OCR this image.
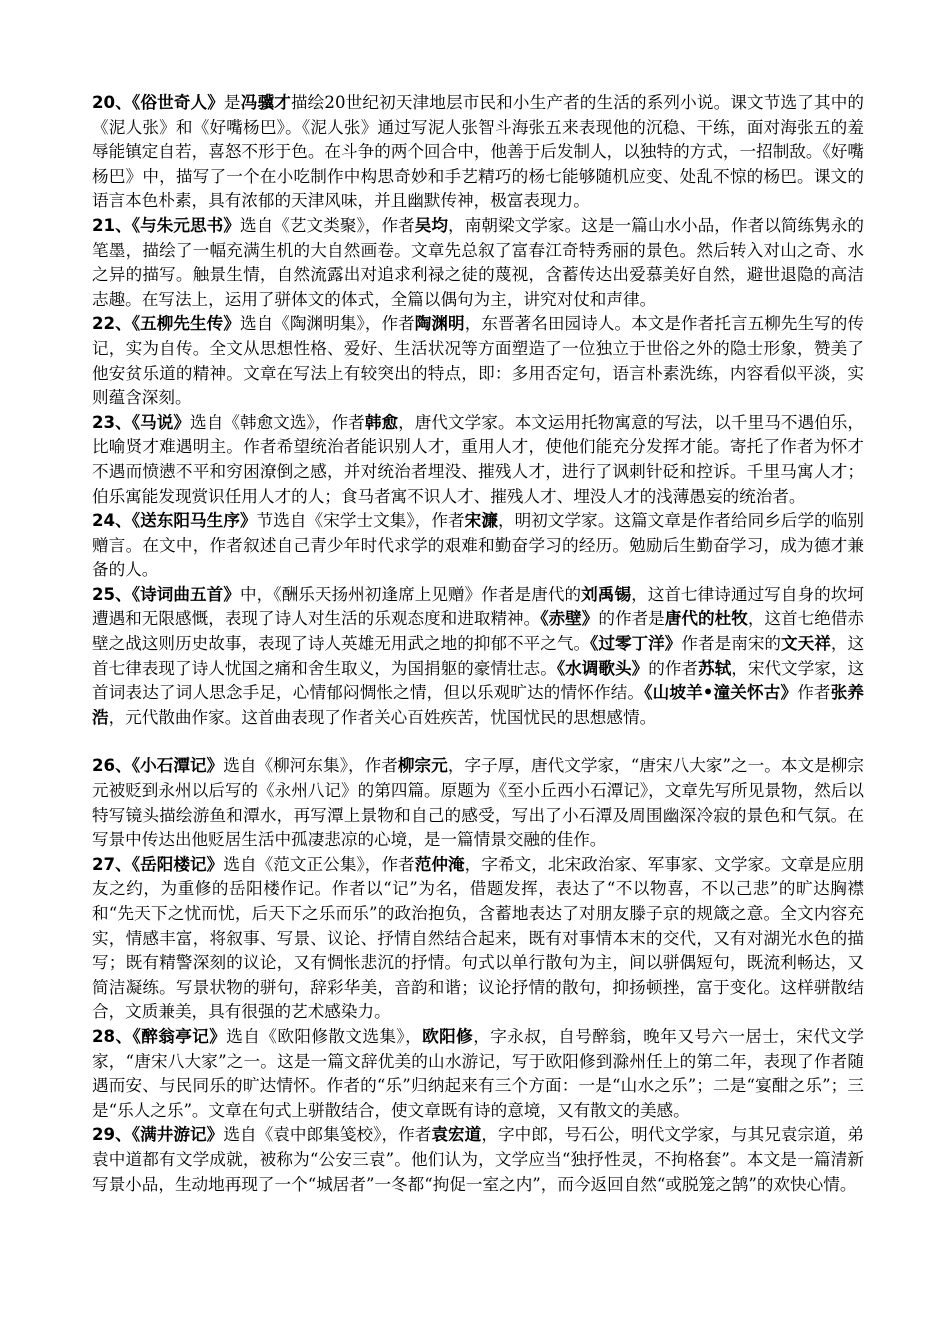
20、《俗世奇人》是冯骥才描绘20世纪初天津地层市民和小生产者的生活的系列小说。课文节选了其中的《泥人张》和《好嘴杨巴》。《泥人张》通过写泥人张智斗海张五来表现他的沉稳、干练，面对海张五的羞辱能镇定自若，喜怒不形于色。在斗争的两个回合中，他善于后发制人，以独特的方式，一招制敌。《好嘴杨巴》中，描写了一个在小吃制作中构思奇妙和手艺精巧的杨七能够随机应变、处乱不惊的杨巴。课文的语言本色朴素，具有浓郁的天津风味，并且幽默传神，极富表现力。

21、《与朱元思书》选自《艺文类聚》，作者吴均，南朝梁文学家。这是一篇山水小品，作者以简练隽永的笔墨，描绘了一幅充满生机的大自然画卷。文章先总叙了富春江奇特秀丽的景色。然后转入对山之奇、水之异的描写。触景生情，自然流露出对追求利禄之徒的蔑视，含蓄传达出爱慕美好自然，避世退隐的高洁志趣。在写法上，运用了骈体文的体式，全篇以偶句为主，讲究对仗和声律。

22、《五柳先生传》选自《陶渊明集》，作者陶渊明，东晋著名田园诗人。本文是作者托言五柳先生写的传记，实为自传。全文从思想性格、爱好、生活状况等方面塑造了一位独立于世俗之外的隐士形象，赞美了他安贫乐道的精神。文章在写法上有较突出的特点，即：多用否定句，语言朴素洗练，内容看似平淡，实则蕴含深刻。

23、《马说》选自《韩愈文选》，作者韩愈，唐代文学家。本文运用托物寓意的写法，以千里马不遇伯乐，比喻贤才难遇明主。作者希望统治者能识别人才，重用人才，使他们能充分发挥才能。寄托了作者为怀才不遇而愤懑不平和穷困潦倒之感，并对统治者埋没、摧残人才，进行了讽刺针砭和控诉。千里马寓人才；伯乐寓能发现赏识任用人才的人；食马者寓不识人才、摧残人才、埋没人才的浅薄愚妄的统治者。

24、《送东阳马生序》节选自《宋学士文集》，作者宋濂，明初文学家。这篇文章是作者给同乡后学的临别赠言。在文中，作者叙述自己青少年时代求学的艰难和勤奋学习的经历。勉励后生勤奋学习，成为德才兼备的人。

25、《诗词曲五首》中，《酬乐天扬州初逢席上见赠》作者是唐代的刘禹锡，这首七律诗通过写自身的坎坷遭遇和无限感慨，表现了诗人对生活的乐观态度和进取精神。《赤壁》的作者是唐代的杜牧，这首七绝借赤壁之战这则历史故事，表现了诗人英雄无用武之地的抑郁不平之气。《过零丁洋》作者是南宋的文天祥，这首七律表现了诗人忧国之痛和舍生取义，为国捐躯的豪情壮志。《水调歌头》的作者苏轼，宋代文学家，这首词表达了词人思念手足，心情郁闷惆怅之情，但以乐观旷达的情怀作结。《山坡羊•潼关怀古》作者张养浩，元代散曲作家。这首曲表现了作者关心百姓疾苦，忧国忧民的思想感情。

26、《小石潭记》选自《柳河东集》，作者柳宗元，字子厚，唐代文学家，“唐宋八大家”之一。本文是柳宗元被贬到永州以后写的《永州八记》的第四篇。原题为《至小丘西小石潭记》，文章先写所见景物，然后以特写镜头描绘游鱼和潭水，再写潭上景物和自己的感受，写出了小石潭及周围幽深冷寂的景色和气氛。在写景中传达出他贬居生活中孤凄悲凉的心境，是一篇情景交融的佳作。

27、《岳阳楼记》选自《范文正公集》，作者范仲淹，字希文，北宋政治家、军事家、文学家。文章是应朋友之约，为重修的岳阳楼作记。作者以“记”为名，借题发挥，表达了“不以物喜，不以己悲”的旷达胸襟和“先天下之忧而忧，后天下之乐而乐”的政治抱负，含蓄地表达了对朋友滕子京的规箴之意。全文内容充实，情感丰富，将叙事、写景、议论、抒情自然结合起来，既有对事情本末的交代，又有对湖光水色的描写；既有精警深刻的议论，又有惆怅悲沉的抒情。句式以单行散句为主，间以骈偶短句，既流利畅达，又简洁凝练。写景状物的骈句，辞彩华美，音韵和谐；议论抒情的散句，抑扬顿挫，富于变化。这样骈散结合，文质兼美，具有很强的艺术感染力。

28、《醉翁亭记》选自《欧阳修散文选集》，欧阳修，字永叔，自号醉翁，晚年又号六一居士，宋代文学家，“唐宋八大家”之一。这是一篇文辞优美的山水游记，写于欧阳修到滁州任上的第二年，表现了作者随遇而安、与民同乐的旷达情怀。作者的“乐”归纳起来有三个方面：一是“山水之乐”；二是“宴酣之乐”；三是“乐人之乐”。文章在句式上骈散结合，使文章既有诗的意境，又有散文的美感。

29、《满井游记》选自《袁中郎集笺校》，作者袁宏道，字中郎，号石公，明代文学家，与其兄袁宗道，弟袁中道都有文学成就，被称为“公安三袁”。他们认为，文学应当“独抒性灵，不拘格套”。本文是一篇清新写景小品，生动地再现了一个“城居者”一冬都“拘促一室之内”，而今返回自然“或脱笼之鹄”的欢快心情。
